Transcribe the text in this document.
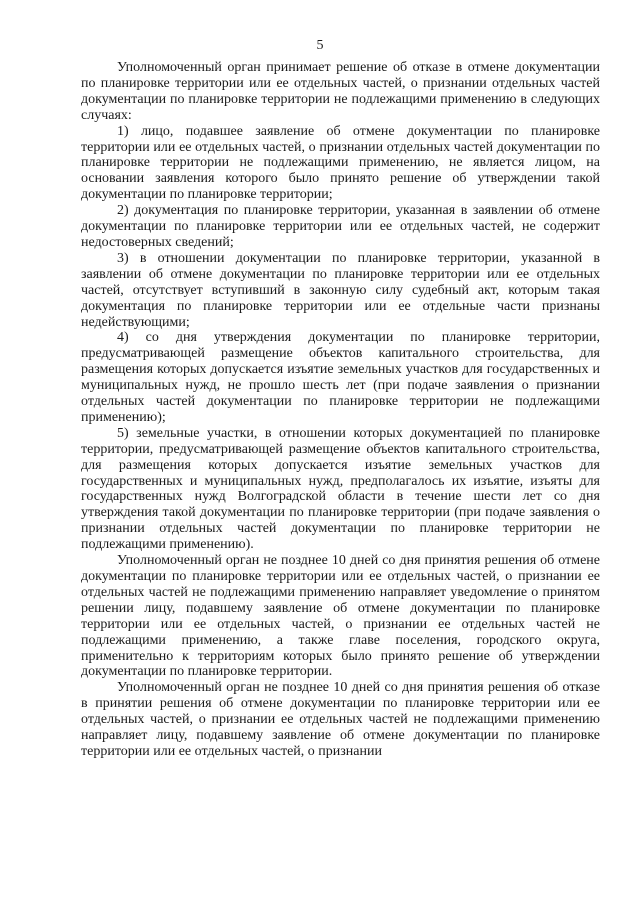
5

Уполномоченный орган принимает решение об отказе в отмене документации по планировке территории или ее отдельных частей, о признании отдельных частей документации по планировке территории не подлежащими применению в следующих случаях:

1) лицо, подавшее заявление об отмене документации по планировке территории или ее отдельных частей, о признании отдельных частей документации по планировке территории не подлежащими применению, не является лицом, на основании заявления которого было принято решение об утверждении такой документации по планировке территории;

2) документация по планировке территории, указанная в заявлении об отмене документации по планировке территории или ее отдельных частей, не содержит недостоверных сведений;

3) в отношении документации по планировке территории, указанной в заявлении об отмене документации по планировке территории или ее отдельных частей, отсутствует вступивший в законную силу судебный акт, которым такая документация по планировке территории или ее отдельные части признаны недействующими;

4) со дня утверждения документации по планировке территории, предусматривающей размещение объектов капитального строительства, для размещения которых допускается изъятие земельных участков для государственных и муниципальных нужд, не прошло шесть лет (при подаче заявления о признании отдельных частей документации по планировке территории не подлежащими применению);

5) земельные участки, в отношении которых документацией по планировке территории, предусматривающей размещение объектов капитального строительства, для размещения которых допускается изъятие земельных участков для государственных и муниципальных нужд, предполагалось их изъятие, изъяты для государственных нужд Волгоградской области в течение шести лет со дня утверждения такой документации по планировке территории (при подаче заявления о признании отдельных частей документации по планировке территории не подлежащими применению).

Уполномоченный орган не позднее 10 дней со дня принятия решения об отмене документации по планировке территории или ее отдельных частей, о признании ее отдельных частей не подлежащими применению направляет уведомление о принятом решении лицу, подавшему заявление об отмене документации по планировке территории или ее отдельных частей, о признании ее отдельных частей не подлежащими применению, а также главе поселения, городского округа, применительно к территориям которых было принято решение об утверждении документации по планировке территории.

Уполномоченный орган не позднее 10 дней со дня принятия решения об отказе в принятии решения об отмене документации по планировке территории или ее отдельных частей, о признании ее отдельных частей не подлежащими применению направляет лицу, подавшему заявление об отмене документации по планировке территории или ее отдельных частей, о признании
